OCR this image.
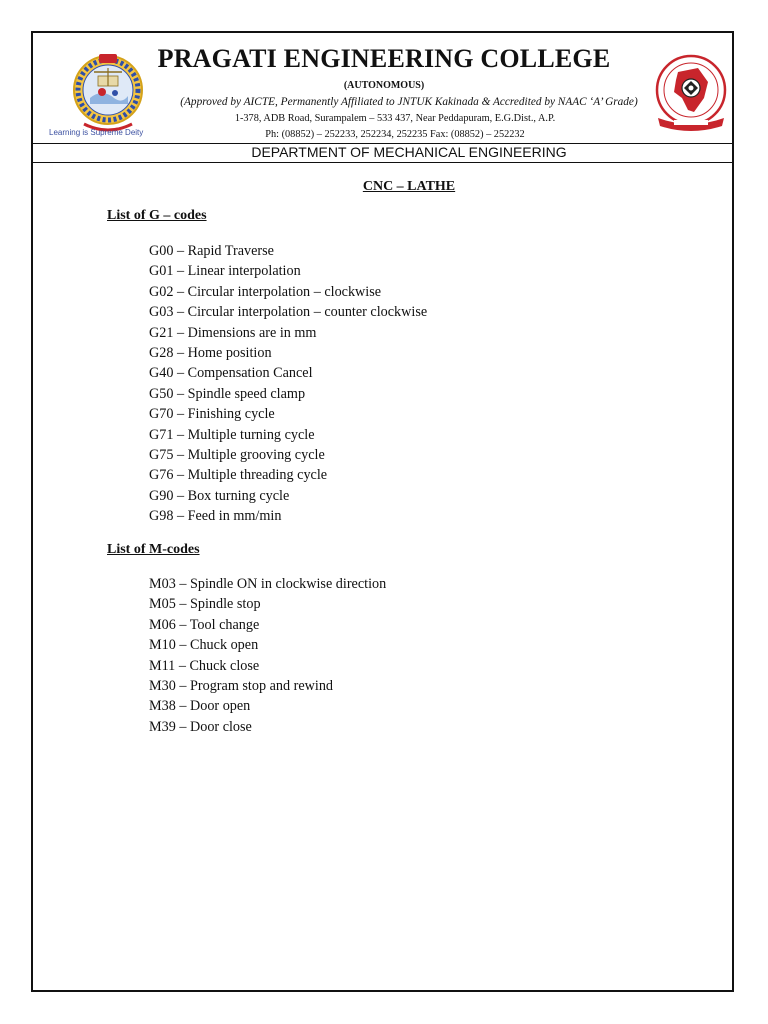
Learning is Supreme Deity
PRAGATI ENGINEERING COLLEGE
(AUTONOMOUS)
(Approved by AICTE, Permanently Affiliated to JNTUK Kakinada & Accredited by NAAC ‘A’ Grade)
1-378, ADB Road, Surampalem – 533 437, Near Peddapuram, E.G.Dist., A.P.
Ph: (08852) – 252233, 252234, 252235 Fax: (08852) – 252232
DEPARTMENT OF MECHANICAL ENGINEERING
CNC – LATHE
List of G – codes
G00 – Rapid Traverse
G01 – Linear interpolation
G02 – Circular interpolation – clockwise
G03 – Circular interpolation – counter clockwise
G21 – Dimensions are in mm
G28 – Home position
G40 – Compensation Cancel
G50 – Spindle speed clamp
G70 – Finishing cycle
G71 – Multiple turning cycle
G75 – Multiple grooving cycle
G76 – Multiple threading cycle
G90 – Box turning cycle
G98 – Feed in mm/min
List of M-codes
M03 – Spindle ON in clockwise direction
M05 – Spindle stop
M06 – Tool change
M10 – Chuck open
M11 – Chuck close
M30 – Program stop and rewind
M38 – Door open
M39 – Door close
